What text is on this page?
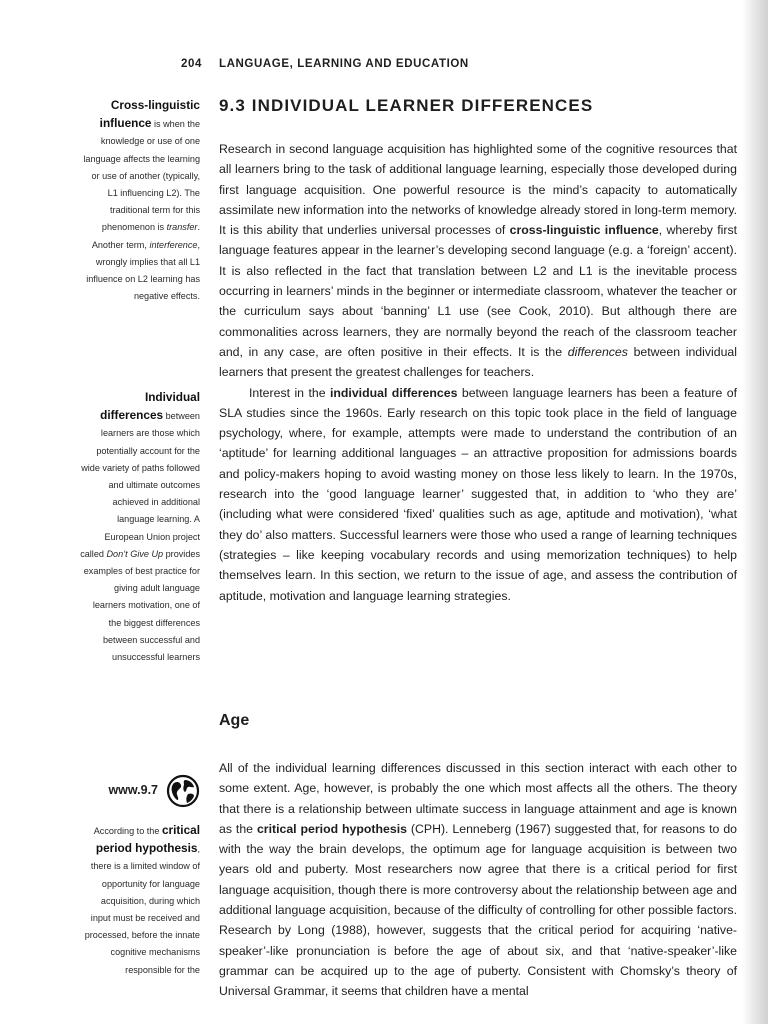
204 LANGUAGE, LEARNING AND EDUCATION
9.3 INDIVIDUAL LEARNER DIFFERENCES

Research in second language acquisition has highlighted some of the cognitive resources that all learners bring to the task of additional language learning, especially those developed during first language acquisition. One powerful resource is the mind’s capacity to automatically assimilate new information into the networks of knowledge already stored in long-term memory. It is this ability that underlies universal processes of cross-linguistic influence, whereby first language features appear in the learner’s developing second language (e.g. a ‘foreign’ accent). It is also reflected in the fact that translation between L2 and L1 is the inevitable process occurring in learners’ minds in the beginner or intermediate classroom, whatever the teacher or the curriculum says about ‘banning’ L1 use (see Cook, 2010). But although there are commonalities across learners, they are normally beyond the reach of the classroom teacher and, in any case, are often positive in their effects. It is the differences between individual learners that present the greatest challenges for teachers.

Interest in the individual differences between language learners has been a feature of SLA studies since the 1960s. Early research on this topic took place in the field of language psychology, where, for example, attempts were made to understand the contribution of an ‘aptitude’ for learning additional languages – an attractive proposition for admissions boards and policy-makers hoping to avoid wasting money on those less likely to learn. In the 1970s, research into the ‘good language learner’ suggested that, in addition to ‘who they are’ (including what were considered ‘fixed’ qualities such as age, aptitude and motivation), ‘what they do’ also matters. Successful learners were those who used a range of learning techniques (strategies – like keeping vocabulary records and using memorization techniques) to help themselves learn. In this section, we return to the issue of age, and assess the contribution of aptitude, motivation and language learning strategies.

Age

All of the individual learning differences discussed in this section interact with each other to some extent. Age, however, is probably the one which most affects all the others. The theory that there is a relationship between ultimate success in language attainment and age is known as the critical period hypothesis (CPH). Lenneberg (1967) suggested that, for reasons to do with the way the brain develops, the optimum age for language acquisition is between two years old and puberty. Most researchers now agree that there is a critical period for first language acquisition, though there is more controversy about the relationship between age and additional language acquisition, because of the difficulty of controlling for other possible factors. Research by Long (1988), however, suggests that the critical period for acquiring ‘native-speaker’-like pronunciation is before the age of about six, and that ‘native-speaker’-like grammar can be acquired up to the age of puberty. Consistent with Chomsky’s theory of Universal Grammar, it seems that children have a mental

Cross-linguistic influence is when the knowledge or use of one language affects the learning or use of another (typically, L1 influencing L2). The traditional term for this phenomenon is transfer. Another term, interference, wrongly implies that all L1 influence on L2 learning has negative effects.
Individual differences between learners are those which potentially account for the wide variety of paths followed and ultimate outcomes achieved in additional language learning. A European Union project called Don’t Give Up provides examples of best practice for giving adult language learners motivation, one of the biggest differences between successful and unsuccessful learners
www.9.7
According to the critical period hypothesis, there is a limited window of opportunity for language acquisition, during which input must be received and processed, before the innate cognitive mechanisms responsible for the
